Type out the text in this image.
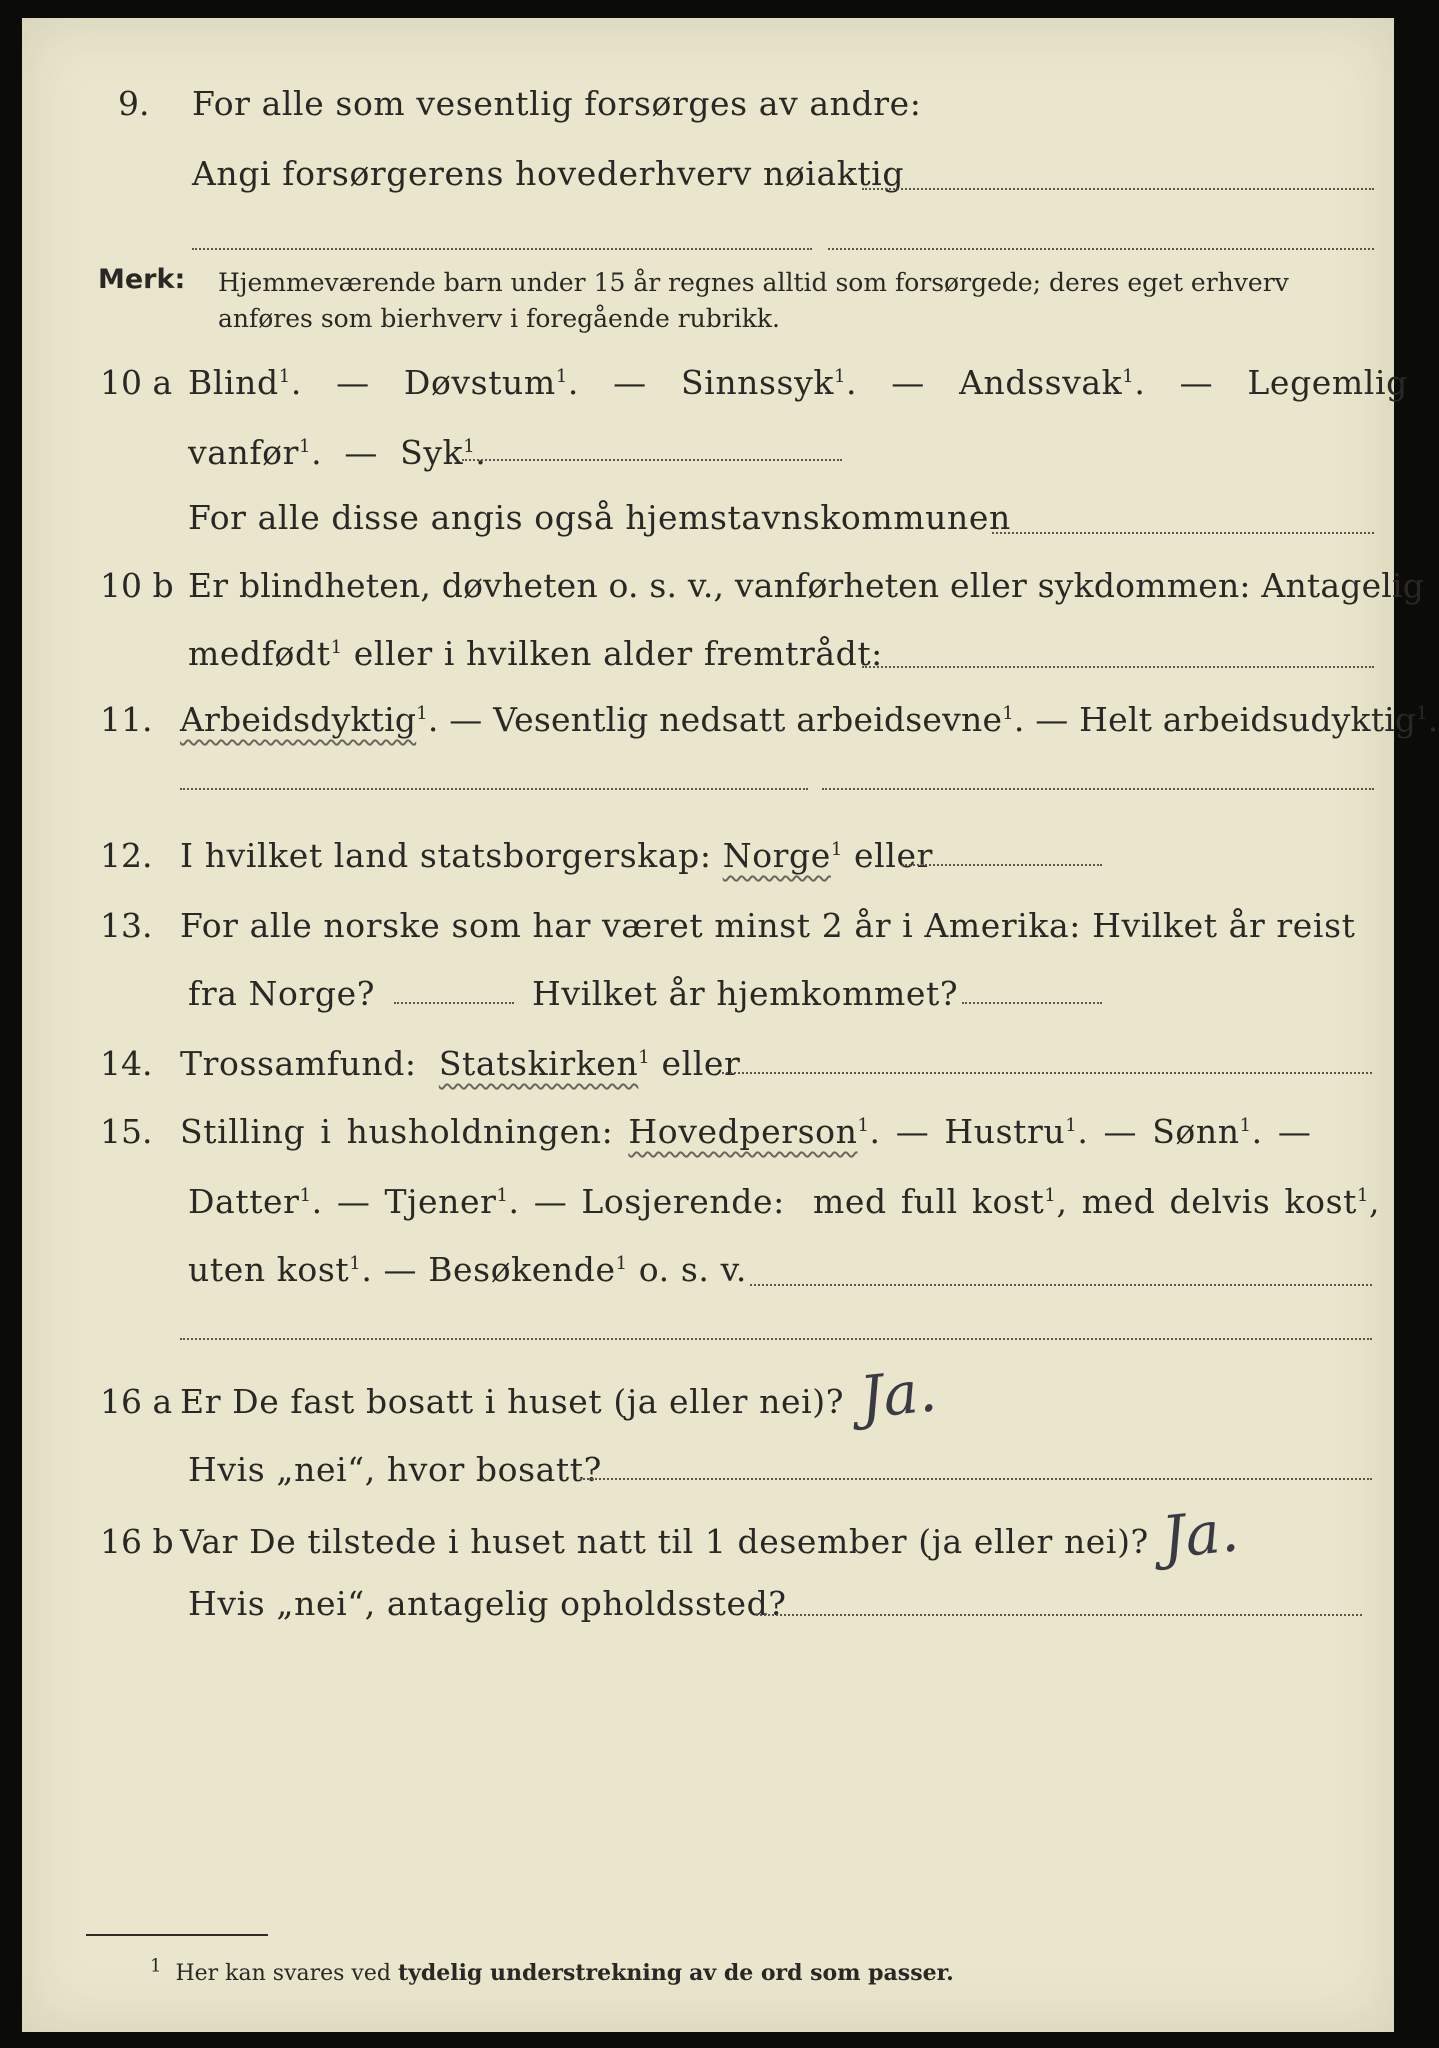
9. For alle som vesentlig forsørges av andre:
Angi forsørgerens hovederhverv nøiaktig
Merk: Hjemmeværende barn under 15 år regnes alltid som forsørgede; deres eget erhverv
anføres som bierhverv i foregående rubrikk.
10 a Blind$^1$. — Døvstum$^1$. — Sinnssyk$^1$. — Andssvak$^1$. — Legemlig
vanfør$^1$. — Syk$^1$.
For alle disse angis også hjemstavnskommunen
10 b Er blindheten, døvheten o. s. v., vanførheten eller sykdommen: Antagelig
medfødt$^1$ eller i hvilken alder fremtrådt:
11. Arbeidsdyktig$^1$. — Vesentlig nedsatt arbeidsevne$^1$. — Helt arbeidsudyktig$^1$.
12. I hvilket land statsborgerskap: Norge$^1$ eller
13. For alle norske som har været minst 2 år i Amerika: Hvilket år reist
fra Norge?	Hvilket år hjemkommet?
14. Trossamfund: Statskirken$^1$ eller
15. Stilling i husholdningen: Hovedperson$^1$. — Hustru$^1$. — Sønn$^1$. —
Datter$^1$. — Tjener$^1$. — Losjerende: med full kost$^1$, med delvis kost$^1$,
uten kost$^1$. — Besøkende$^1$ o. s. v.
16 a Er De fast bosatt i huset (ja eller nei)? Ja.
Hvis „nei“, hvor bosatt?
16 b Var De tilstede i huset natt til 1 desember (ja eller nei)? Ja.
Hvis „nei“, antagelig opholdssted?
$^1$ Her kan svares ved tydelig understrekning av de ord som passer.
